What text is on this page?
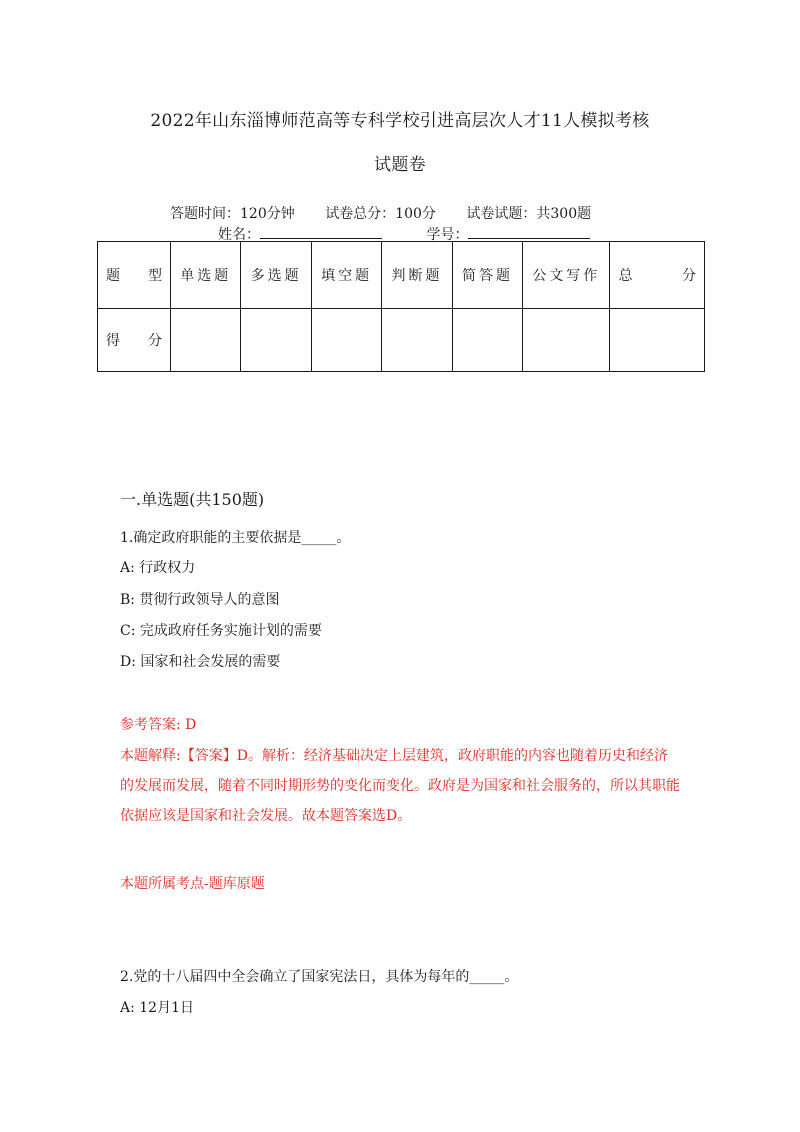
2022年山东淄博师范高等专科学校引进高层次人才11人模拟考核
试题卷
答题时间：120分钟 试卷总分：100分 试卷试题：共300题
姓名：	学号：
题 型	单选题	多选题	填空题	判断题	简答题	公文写作	总 分

得 分							

一.单选题(共150题)
1.确定政府职能的主要依据是_____。
A: 行政权力
B: 贯彻行政领导人的意图
C: 完成政府任务实施计划的需要
D: 国家和社会发展的需要
参考答案: D
本题解释:【答案】D。解析：经济基础决定上层建筑，政府职能的内容也随着历史和经济的发展而发展，随着不同时期形势的变化而变化。政府是为国家和社会服务的，所以其职能依据应该是国家和社会发展。故本题答案选D。
本题所属考点-题库原题
2.党的十八届四中全会确立了国家宪法日，具体为每年的_____。
A: 12月1日
